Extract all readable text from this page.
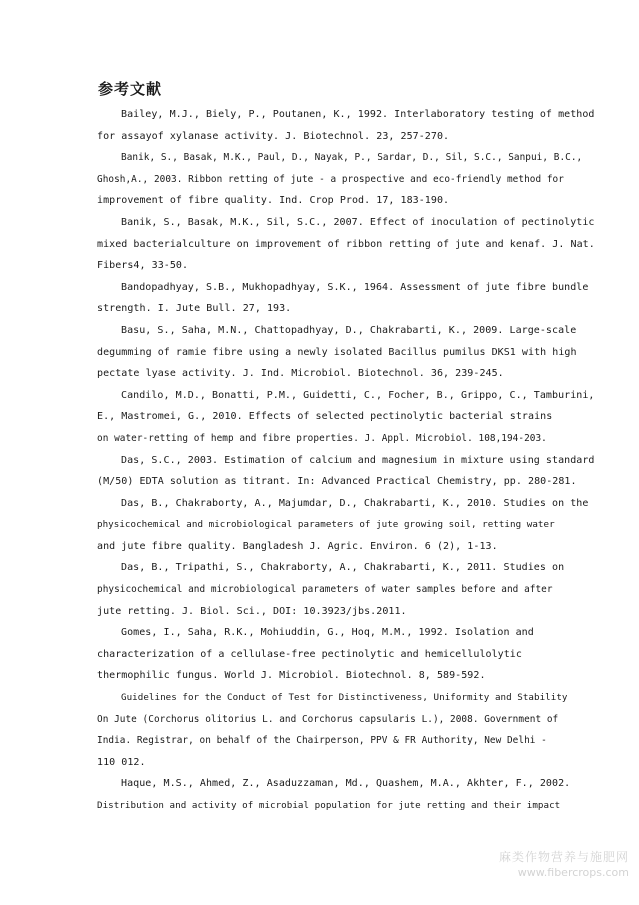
参考文献
Bailey, M.J., Biely, P., Poutanen, K., 1992. Interlaboratory testing of method
for assayof xylanase activity. J. Biotechnol. 23, 257-270.
Banik, S., Basak, M.K., Paul, D., Nayak, P., Sardar, D., Sil, S.C., Sanpui, B.C.,
Ghosh,A., 2003. Ribbon retting of jute - a prospective and eco-friendly method for
improvement of fibre quality. Ind. Crop Prod. 17, 183-190.
Banik, S., Basak, M.K., Sil, S.C., 2007. Effect of inoculation of pectinolytic
mixed bacterialculture on improvement of ribbon retting of jute and kenaf. J. Nat.
Fibers4, 33-50.
Bandopadhyay, S.B., Mukhopadhyay, S.K., 1964. Assessment of jute fibre bundle
strength. I. Jute Bull. 27, 193.
Basu, S., Saha, M.N., Chattopadhyay, D., Chakrabarti, K., 2009. Large-scale
degumming of ramie fibre using a newly isolated Bacillus pumilus DKS1 with high
pectate lyase activity. J. Ind. Microbiol. Biotechnol. 36, 239-245.
Candilo, M.D., Bonatti, P.M., Guidetti, C., Focher, B., Grippo, C., Tamburini,
E., Mastromei, G., 2010. Effects of selected pectinolytic bacterial strains
on water-retting of hemp and fibre properties. J. Appl. Microbiol. 108,194-203.
Das, S.C., 2003. Estimation of calcium and magnesium in mixture using standard
(M/50) EDTA solution as titrant. In: Advanced Practical Chemistry, pp. 280-281.
Das, B., Chakraborty, A., Majumdar, D., Chakrabarti, K., 2010. Studies on the
physicochemical and microbiological parameters of jute growing soil, retting water
and jute fibre quality. Bangladesh J. Agric. Environ. 6 (2), 1-13.
Das, B., Tripathi, S., Chakraborty, A., Chakrabarti, K., 2011. Studies on
physicochemical and microbiological parameters of water samples before and after
jute retting. J. Biol. Sci., DOI: 10.3923/jbs.2011.
Gomes, I., Saha, R.K., Mohiuddin, G., Hoq, M.M., 1992. Isolation and
characterization of a cellulase-free pectinolytic and hemicellulolytic
thermophilic fungus. World J. Microbiol. Biotechnol. 8, 589-592.
Guidelines for the Conduct of Test for Distinctiveness, Uniformity and Stability
On Jute (Corchorus olitorius L. and Corchorus capsularis L.), 2008. Government of
India. Registrar, on behalf of the Chairperson, PPV & FR Authority, New Delhi -
110 012.
Haque, M.S., Ahmed, Z., Asaduzzaman, Md., Quashem, M.A., Akhter, F., 2002.
Distribution and activity of microbial population for jute retting and their impact
麻类作物营养与施肥网
www.fibercrops.com
